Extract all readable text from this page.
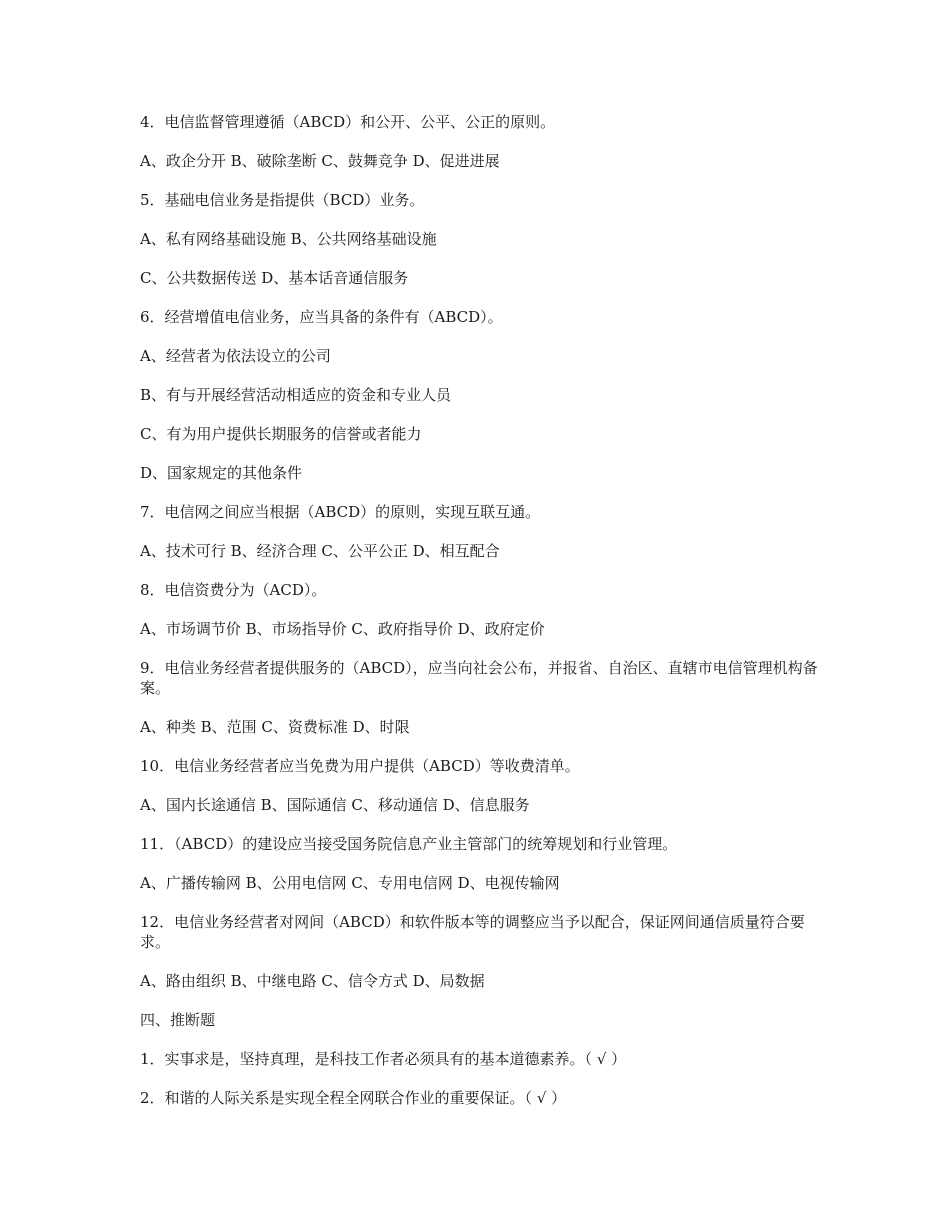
4．电信监督管理遵循（ABCD）和公开、公平、公正的原则。

A、政企分开 B、破除垄断 C、鼓舞竞争 D、促进进展

5．基础电信业务是指提供（BCD）业务。

A、私有网络基础设施 B、公共网络基础设施

C、公共数据传送 D、基本话音通信服务

6．经营增值电信业务，应当具备的条件有（ABCD）。

A、经营者为依法设立的公司

B、有与开展经营活动相适应的资金和专业人员

C、有为用户提供长期服务的信誉或者能力

D、国家规定的其他条件

7．电信网之间应当根据（ABCD）的原则，实现互联互通。

A、技术可行 B、经济合理 C、公平公正 D、相互配合

8．电信资费分为（ACD）。

A、市场调节价 B、市场指导价 C、政府指导价 D、政府定价

9．电信业务经营者提供服务的（ABCD），应当向社会公布，并报省、自治区、直辖市电信管理机构备案。

A、种类 B、范围 C、资费标准 D、时限

10．电信业务经营者应当免费为用户提供（ABCD）等收费清单。

A、国内长途通信 B、国际通信 C、移动通信 D、信息服务

11．（ABCD）的建设应当接受国务院信息产业主管部门的统筹规划和行业管理。

A、广播传输网 B、公用电信网 C、专用电信网 D、电视传输网

12．电信业务经营者对网间（ABCD）和软件版本等的调整应当予以配合，保证网间通信质量符合要求。

A、路由组织 B、中继电路 C、信令方式 D、局数据

四、推断题

1．实事求是，坚持真理，是科技工作者必须具有的基本道德素养。（ √ ）

2．和谐的人际关系是实现全程全网联合作业的重要保证。（ √ ）
